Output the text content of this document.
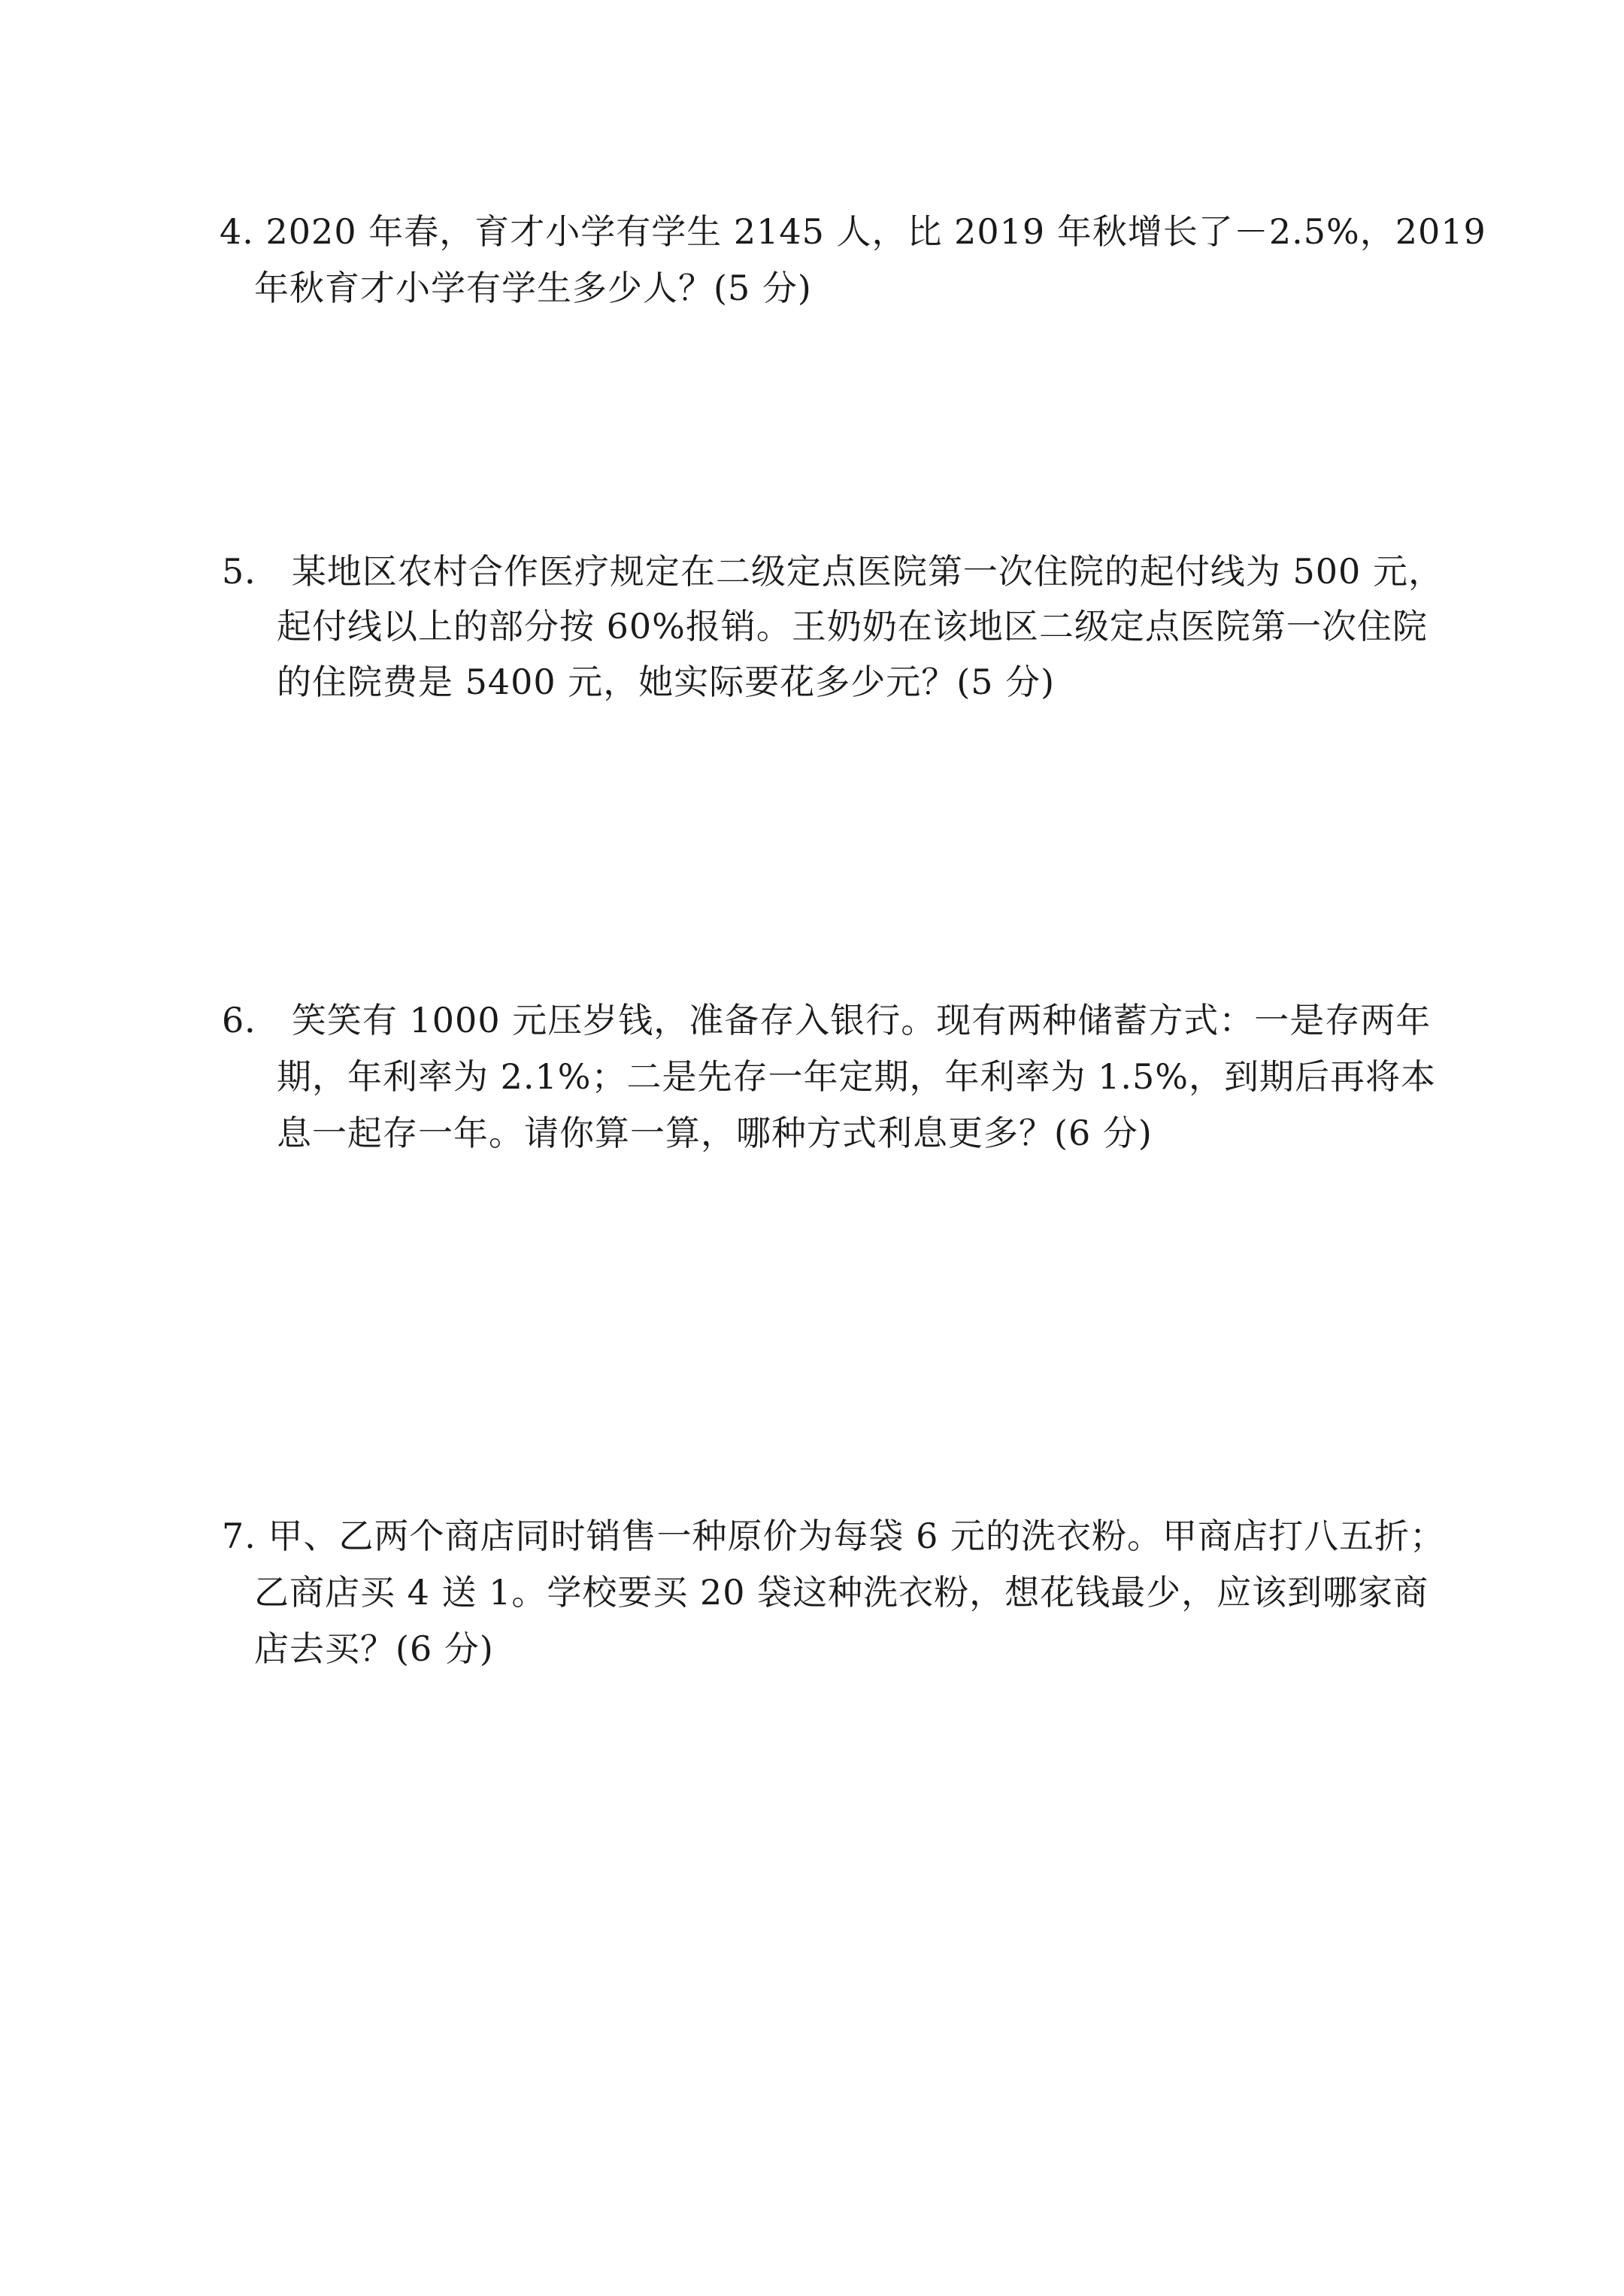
4. 2020 年春，育才小学有学生 2145 人，比 2019 年秋增长了－2.5%，2019
年秋育才小学有学生多少人？(5 分)
5． 某地区农村合作医疗规定在二级定点医院第一次住院的起付线为 500 元，
起付线以上的部分按 60%报销。王奶奶在该地区二级定点医院第一次住院
的住院费是 5400 元，她实际要花多少元？(5 分)
6． 笑笑有 1000 元压岁钱，准备存入银行。现有两种储蓄方式：一是存两年
期，年利率为 2.1%；二是先存一年定期，年利率为 1.5%，到期后再将本
息一起存一年。请你算一算，哪种方式利息更多？(6 分)
7. 甲、乙两个商店同时销售一种原价为每袋 6 元的洗衣粉。甲商店打八五折；
乙商店买 4 送 1。学校要买 20 袋这种洗衣粉，想花钱最少，应该到哪家商
店去买？(6 分)
